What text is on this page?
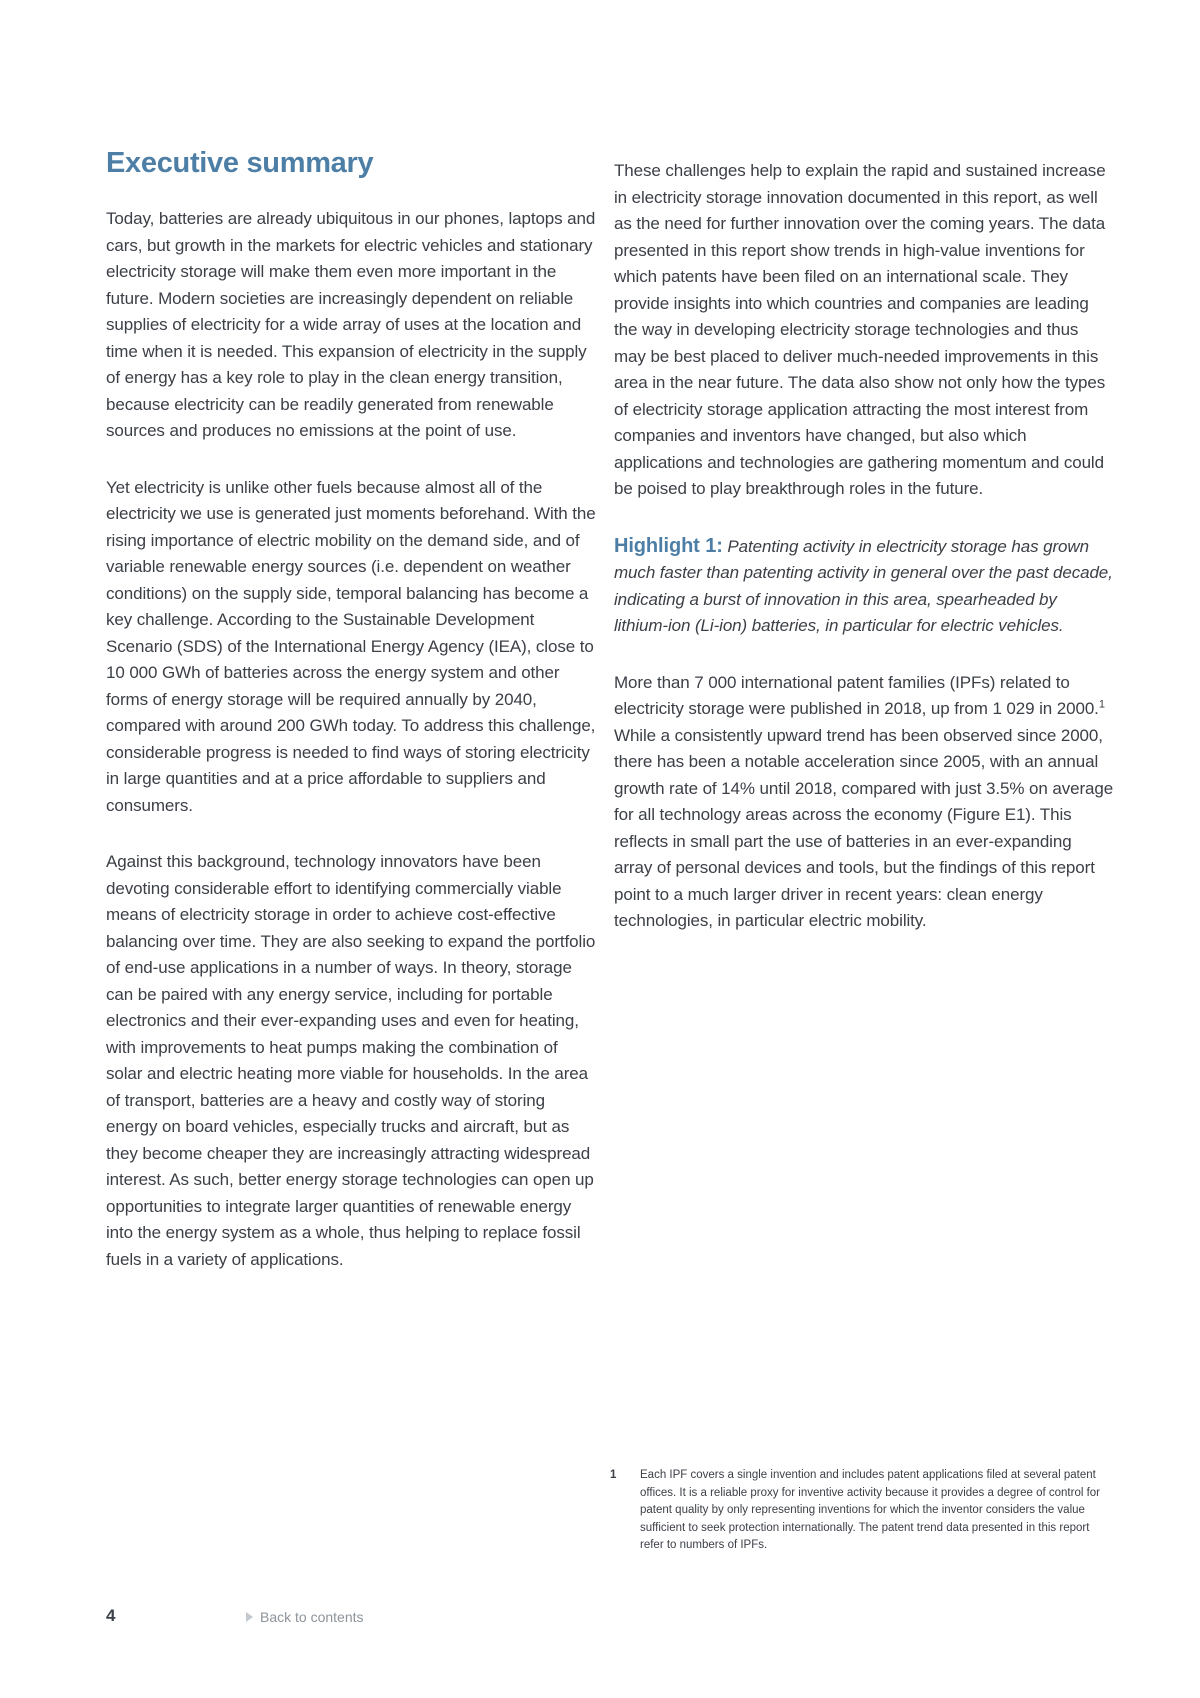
Executive summary

Today, batteries are already ubiquitous in our phones, laptops and cars, but growth in the markets for electric vehicles and stationary electricity storage will make them even more important in the future. Modern societies are increasingly dependent on reliable supplies of electricity for a wide array of uses at the location and time when it is needed. This expansion of electricity in the supply of energy has a key role to play in the clean energy transition, because electricity can be readily generated from renewable sources and produces no emissions at the point of use.

Yet electricity is unlike other fuels because almost all of the electricity we use is generated just moments beforehand. With the rising importance of electric mobility on the demand side, and of variable renewable energy sources (i.e. dependent on weather conditions) on the supply side, temporal balancing has become a key challenge. According to the Sustainable Development Scenario (SDS) of the International Energy Agency (IEA), close to 10 000 GWh of batteries across the energy system and other forms of energy storage will be required annually by 2040, compared with around 200 GWh today. To address this challenge, considerable progress is needed to find ways of storing electricity in large quantities and at a price affordable to suppliers and consumers.

Against this background, technology innovators have been devoting considerable effort to identifying commercially viable means of electricity storage in order to achieve cost-effective balancing over time. They are also seeking to expand the portfolio of end-use applications in a number of ways. In theory, storage can be paired with any energy service, including for portable electronics and their ever-expanding uses and even for heating, with improvements to heat pumps making the combination of solar and electric heating more viable for households. In the area of transport, batteries are a heavy and costly way of storing energy on board vehicles, especially trucks and aircraft, but as they become cheaper they are increasingly attracting widespread interest. As such, better energy storage technologies can open up opportunities to integrate larger quantities of renewable energy into the energy system as a whole, thus helping to replace fossil fuels in a variety of applications.

These challenges help to explain the rapid and sustained increase in electricity storage innovation documented in this report, as well as the need for further innovation over the coming years. The data presented in this report show trends in high-value inventions for which patents have been filed on an international scale. They provide insights into which countries and companies are leading the way in developing electricity storage technologies and thus may be best placed to deliver much-needed improvements in this area in the near future. The data also show not only how the types of electricity storage application attracting the most interest from companies and inventors have changed, but also which applications and technologies are gathering momentum and could be poised to play breakthrough roles in the future.

Highlight 1: Patenting activity in electricity storage has grown much faster than patenting activity in general over the past decade, indicating a burst of innovation in this area, spearheaded by lithium-ion (Li-ion) batteries, in particular for electric vehicles.

More than 7 000 international patent families (IPFs) related to electricity storage were published in 2018, up from 1 029 in 2000.$^1$ While a consistently upward trend has been observed since 2000, there has been a notable acceleration since 2005, with an annual growth rate of 14% until 2018, compared with just 3.5% on average for all technology areas across the economy (Figure E1). This reflects in small part the use of batteries in an ever-expanding array of personal devices and tools, but the findings of this report point to a much larger driver in recent years: clean energy technologies, in particular electric mobility.

1	Each IPF covers a single invention and includes patent applications filed at several patent offices. It is a reliable proxy for inventive activity because it provides a degree of control for patent quality by only representing inventions for which the inventor considers the value sufficient to seek protection internationally. The patent trend data presented in this report refer to numbers of IPFs.
4	Back to contents
